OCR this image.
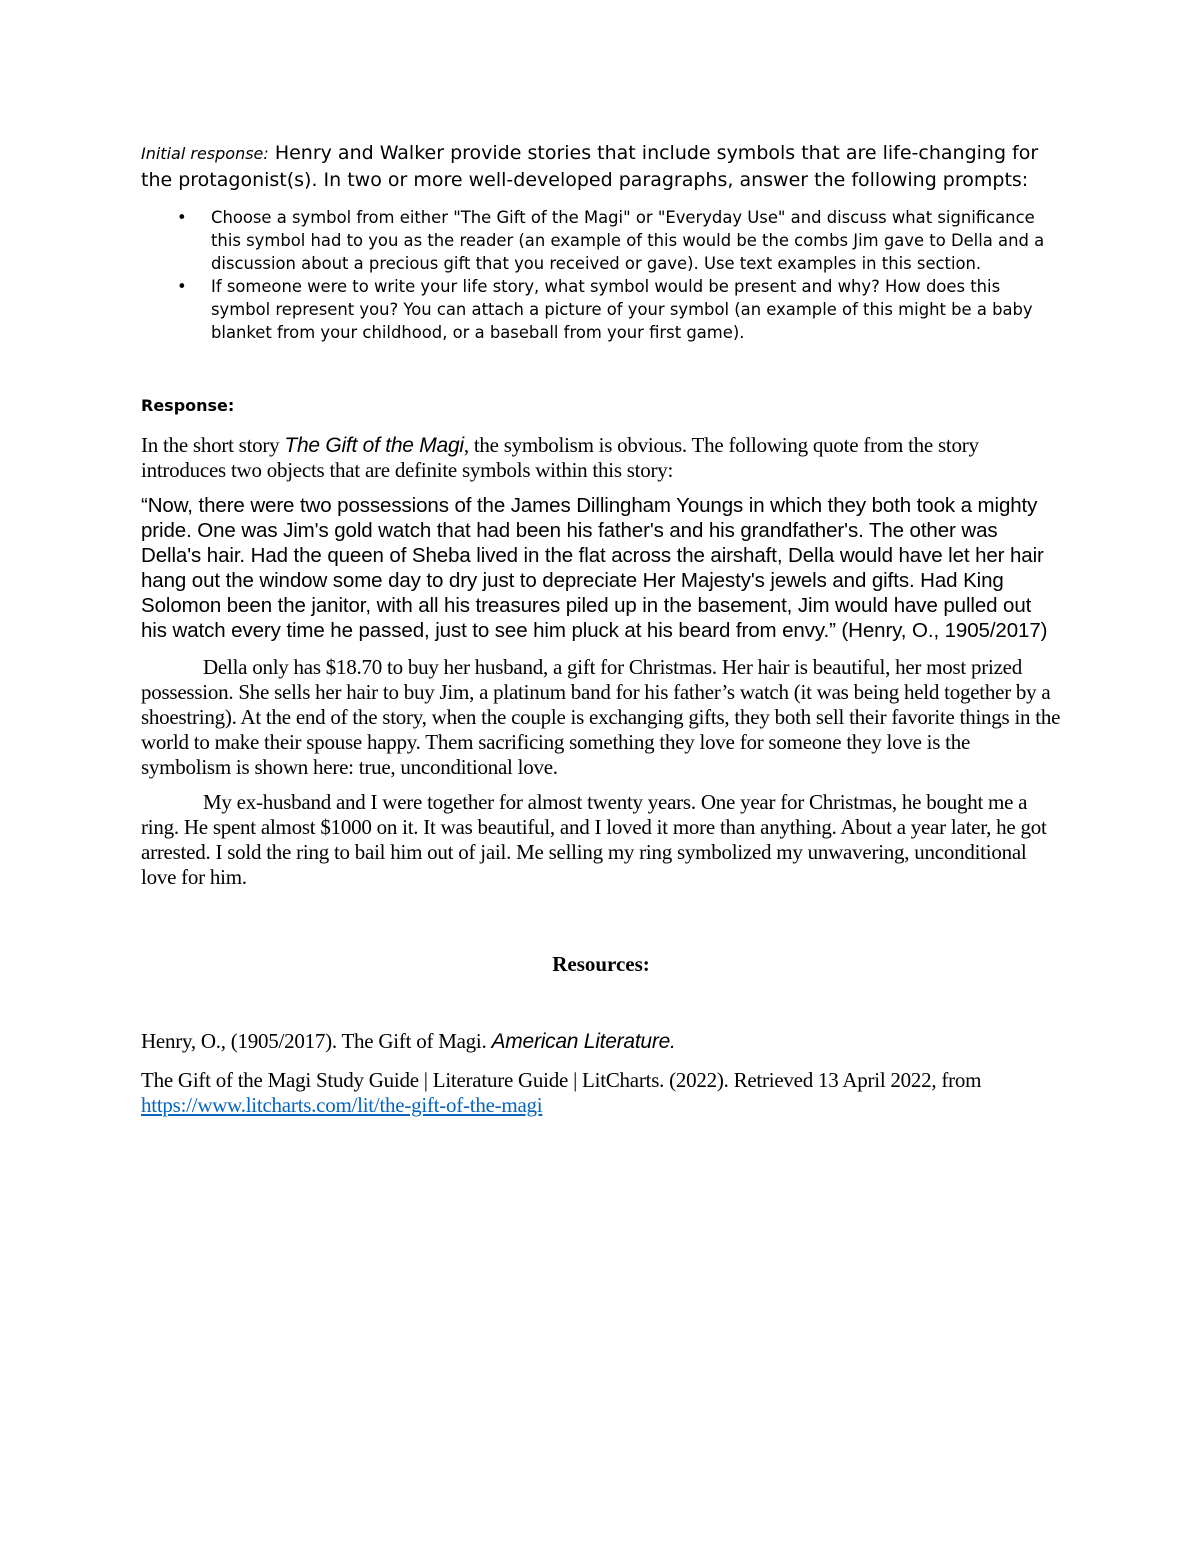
Initial response: Henry and Walker provide stories that include symbols that are life-changing for the protagonist(s). In two or more well-developed paragraphs, answer the following prompts:

• Choose a symbol from either "The Gift of the Magi" or "Everyday Use" and discuss what significance this symbol had to you as the reader (an example of this would be the combs Jim gave to Della and a discussion about a precious gift that you received or gave). Use text examples in this section.
• If someone were to write your life story, what symbol would be present and why? How does this symbol represent you? You can attach a picture of your symbol (an example of this might be a baby blanket from your childhood, or a baseball from your first game).

Response:

In the short story The Gift of the Magi, the symbolism is obvious. The following quote from the story introduces two objects that are definite symbols within this story:

“Now, there were two possessions of the James Dillingham Youngs in which they both took a mighty pride. One was Jim's gold watch that had been his father's and his grandfather's. The other was Della's hair. Had the queen of Sheba lived in the flat across the airshaft, Della would have let her hair hang out the window some day to dry just to depreciate Her Majesty's jewels and gifts. Had King Solomon been the janitor, with all his treasures piled up in the basement, Jim would have pulled out his watch every time he passed, just to see him pluck at his beard from envy.” (Henry, O., 1905/2017)

Della only has $18.70 to buy her husband, a gift for Christmas. Her hair is beautiful, her most prized possession. She sells her hair to buy Jim, a platinum band for his father’s watch (it was being held together by a shoestring). At the end of the story, when the couple is exchanging gifts, they both sell their favorite things in the world to make their spouse happy. Them sacrificing something they love for someone they love is the symbolism is shown here: true, unconditional love.

My ex-husband and I were together for almost twenty years. One year for Christmas, he bought me a ring. He spent almost $1000 on it. It was beautiful, and I loved it more than anything. About a year later, he got arrested. I sold the ring to bail him out of jail. Me selling my ring symbolized my unwavering, unconditional love for him.

Resources:

Henry, O., (1905/2017). The Gift of Magi. American Literature.

The Gift of the Magi Study Guide | Literature Guide | LitCharts. (2022). Retrieved 13 April 2022, from https://www.litcharts.com/lit/the-gift-of-the-magi
